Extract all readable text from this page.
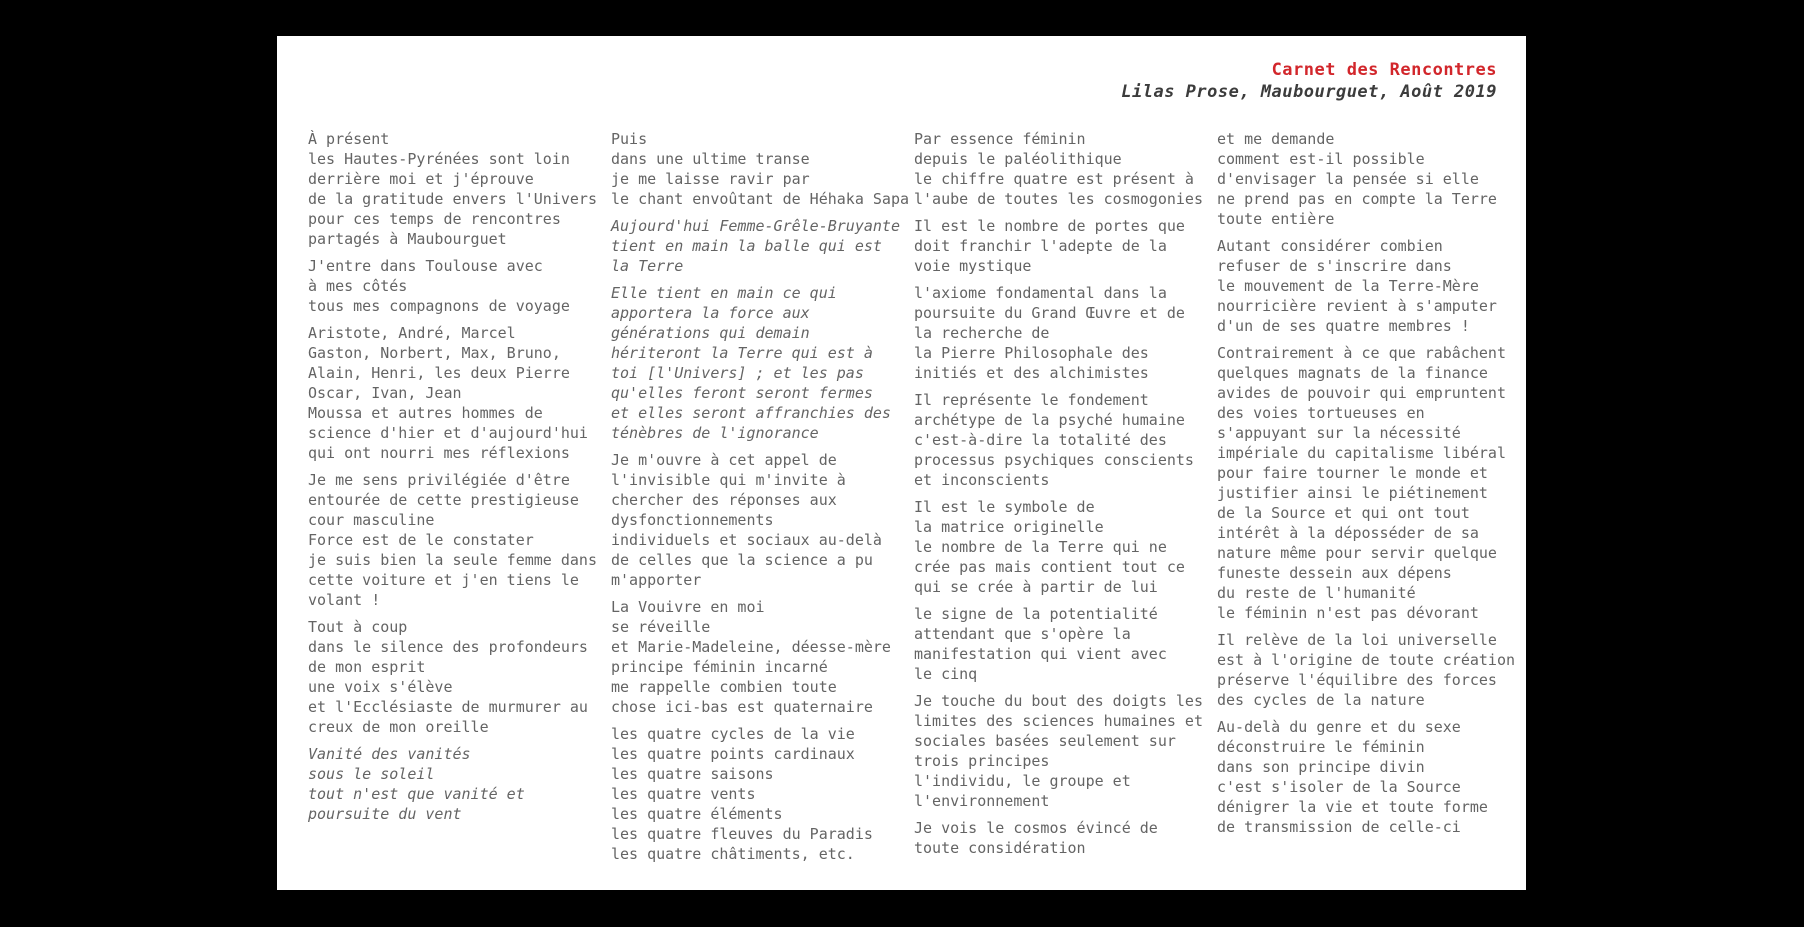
Carnet des Rencontres
Lilas Prose, Maubourguet, Août 2019
À présent
les Hautes-Pyrénées sont loin
derrière moi et j'éprouve
de la gratitude envers l'Univers
pour ces temps de rencontres
partagés à Maubourguet
J'entre dans Toulouse avec
à mes côtés
tous mes compagnons de voyage
Aristote, André, Marcel
Gaston, Norbert, Max, Bruno,
Alain, Henri, les deux Pierre
Oscar, Ivan, Jean
Moussa et autres hommes de
science d'hier et d'aujourd'hui
qui ont nourri mes réflexions
Je me sens privilégiée d'être
entourée de cette prestigieuse
cour masculine
Force est de le constater
je suis bien la seule femme dans
cette voiture et j'en tiens le
volant !
Tout à coup
dans le silence des profondeurs
de mon esprit
une voix s'élève
et l'Ecclésiaste de murmurer au
creux de mon oreille
Vanité des vanités
sous le soleil
tout n'est que vanité et
poursuite du vent
Puis
dans une ultime transe
je me laisse ravir par
le chant envoûtant de Héhaka Sapa
Aujourd'hui Femme-Grêle-Bruyante
tient en main la balle qui est
la Terre
Elle tient en main ce qui
apportera la force aux
générations qui demain
hériteront la Terre qui est à
toi [l'Univers] ; et les pas
qu'elles feront seront fermes
et elles seront affranchies des
ténèbres de l'ignorance
Je m'ouvre à cet appel de
l'invisible qui m'invite à
chercher des réponses aux
dysfonctionnements
individuels et sociaux au-delà
de celles que la science a pu
m'apporter
La Vouivre en moi
se réveille
et Marie-Madeleine, déesse-mère
principe féminin incarné
me rappelle combien toute
chose ici-bas est quaternaire
les quatre cycles de la vie
les quatre points cardinaux
les quatre saisons
les quatre vents
les quatre éléments
les quatre fleuves du Paradis
les quatre châtiments, etc.
Par essence féminin
depuis le paléolithique
le chiffre quatre est présent à
l'aube de toutes les cosmogonies
Il est le nombre de portes que
doit franchir l'adepte de la
voie mystique
l'axiome fondamental dans la
poursuite du Grand Œuvre et de
la recherche de
la Pierre Philosophale des
initiés et des alchimistes
Il représente le fondement
archétype de la psyché humaine
c'est-à-dire la totalité des
processus psychiques conscients
et inconscients
Il est le symbole de
la matrice originelle
le nombre de la Terre qui ne
crée pas mais contient tout ce
qui se crée à partir de lui
le signe de la potentialité
attendant que s'opère la
manifestation qui vient avec
le cinq
Je touche du bout des doigts les
limites des sciences humaines et
sociales basées seulement sur
trois principes
l'individu, le groupe et
l'environnement
Je vois le cosmos évincé de
toute considération
et me demande
comment est-il possible
d'envisager la pensée si elle
ne prend pas en compte la Terre
toute entière
Autant considérer combien
refuser de s'inscrire dans
le mouvement de la Terre-Mère
nourricière revient à s'amputer
d'un de ses quatre membres !
Contrairement à ce que rabâchent
quelques magnats de la finance
avides de pouvoir qui empruntent
des voies tortueuses en
s'appuyant sur la nécessité
impériale du capitalisme libéral
pour faire tourner le monde et
justifier ainsi le piétinement
de la Source et qui ont tout
intérêt à la déposséder de sa
nature même pour servir quelque
funeste dessein aux dépens
du reste de l'humanité
le féminin n'est pas dévorant
Il relève de la loi universelle
est à l'origine de toute création
préserve l'équilibre des forces
des cycles de la nature
Au-delà du genre et du sexe
déconstruire le féminin
dans son principe divin
c'est s'isoler de la Source
dénigrer la vie et toute forme
de transmission de celle-ci
